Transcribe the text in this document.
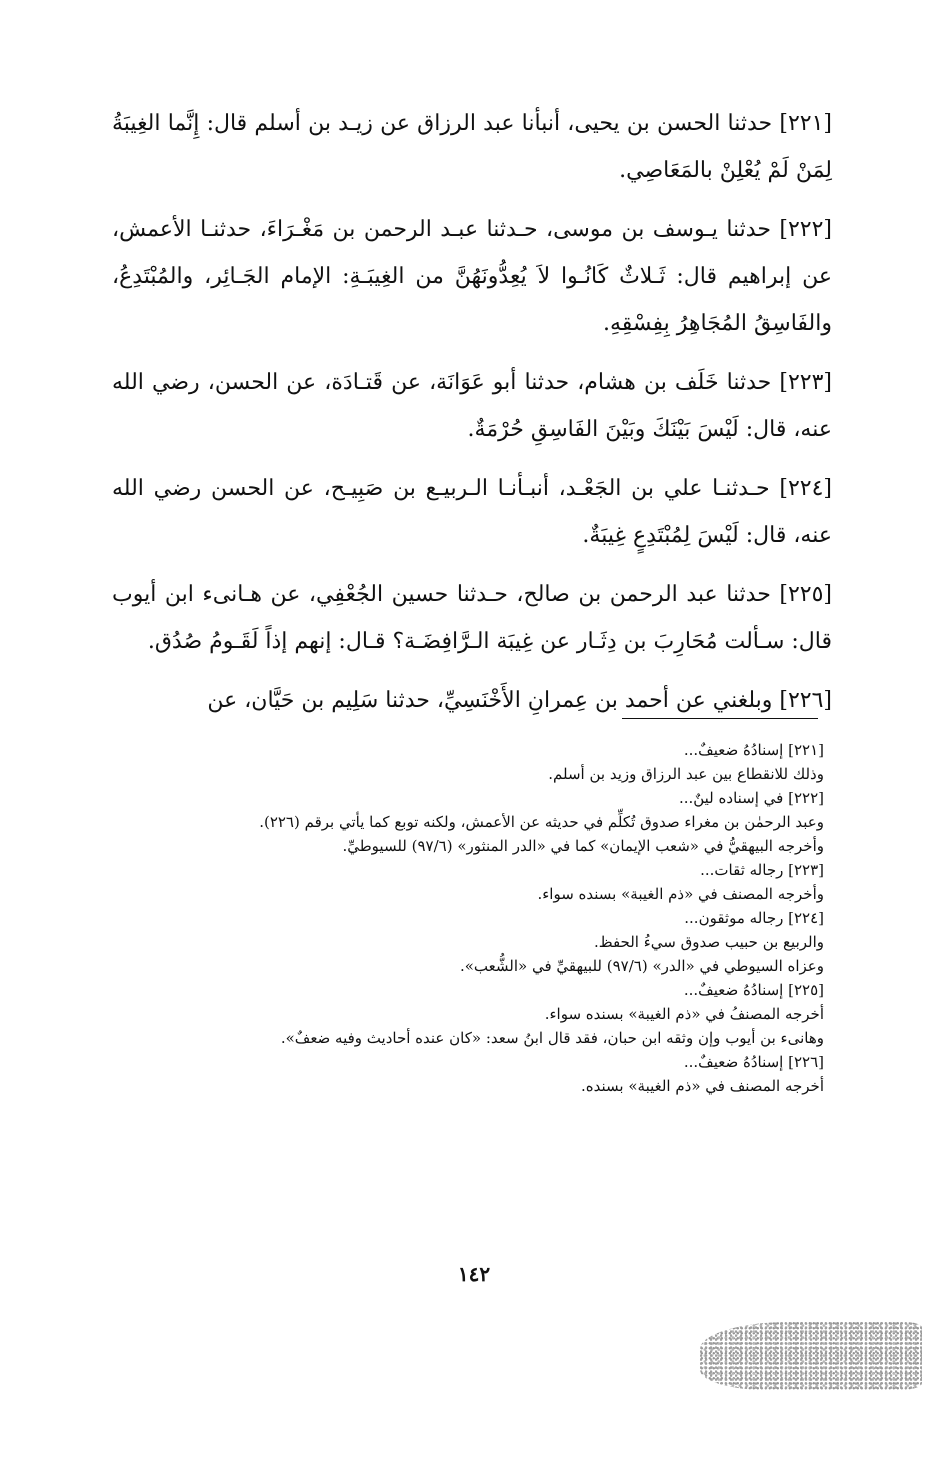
[٢٢١] حدثنا الحسن بن يحيى، أنبأنا عبد الرزاق عن زيـد بن أسلم قال: إِنَّما الغِيبَةُ لِمَنْ لَمْ يُعْلِنْ بالمَعَاصِي.

[٢٢٢] حدثنا يـوسف بن موسى، حـدثنا عبـد الرحمن بن مَغْـرَاءَ، حدثنـا الأعمش، عن إبراهيم قال: ثَـلاثٌ كَانُـوا لاَ يُعِدُّونَهُنَّ من الغِيبَـةِ: الإمام الجَـائِر، والمُبْتَدِعُ، والفَاسِقُ المُجَاهِرُ بِفِسْقِهِ.

[٢٢٣] حدثنا خَلَف بن هشام، حدثنا أبو عَوَانَة، عن قَتـادَة، عن الحسن، رضي الله عنه، قال: لَيْسَ بَيْنَكَ وبَيْنَ الفَاسِقِ حُرْمَةٌ.

[٢٢٤] حـدثنـا علي بن الجَعْـد، أنبـأنـا الـربيـع بن صَبِيـح، عن الحسن رضي الله عنه، قال: لَيْسَ لِمُبْتَدِعٍ غِيبَةٌ.

[٢٢٥] حدثنا عبد الرحمن بن صالح، حـدثنا حسين الجُعْفِي، عن هـانىء ابن أيوب قال: سـألت مُحَارِبَ بن دِثَـار عن غِيبَة الـرَّافِضَـة؟ قـال: إنهم إذاً لَقَـومُ صُدُق.

[٢٢٦] وبلغني عن أحمد بن عِمرانِ الأَخْنَسِيِّ، حدثنا سَلِيم بن حَيَّان، عن

[٢٢١] إسنادُهُ ضعيفٌ...

وذلك للانقطاع بين عبد الرزاق وزيد بن أسلم.

[٢٢٢] في إسناده لينٌ...

وعبد الرحمٰن بن مغراء صدوق تُكلِّم في حديثه عن الأعمش، ولكنه توبع كما يأتي برقم (٢٢٦).

وأخرجه البيهقيُّ في «شعب الإيمان» كما في «الدر المنثور» (٩٧/٦) للسيوطيِّ.

[٢٢٣] رجاله ثقات...

وأخرجه المصنف في «ذم الغيبة» بسنده سواء.

[٢٢٤] رجاله موثقون...

والربيع بن حبيب صدوق سيءُ الحفظ.

وعزاه السيوطي في «الدر» (٩٧/٦) للبيهقيِّ في «الشُّعب».

[٢٢٥] إسنادُهُ ضعيفٌ...

أخرجه المصنفُ في «ذم الغيبة» بسنده سواء.

وهانىء بن أيوب وإن وثقه ابن حبان، فقد قال ابنُ سعد: «كان عنده أحاديث وفيه ضعفٌ».

[٢٢٦] إسنادُهُ ضعيفٌ...

أخرجه المصنف في «ذم الغيبة» بسنده.

١٤٢
